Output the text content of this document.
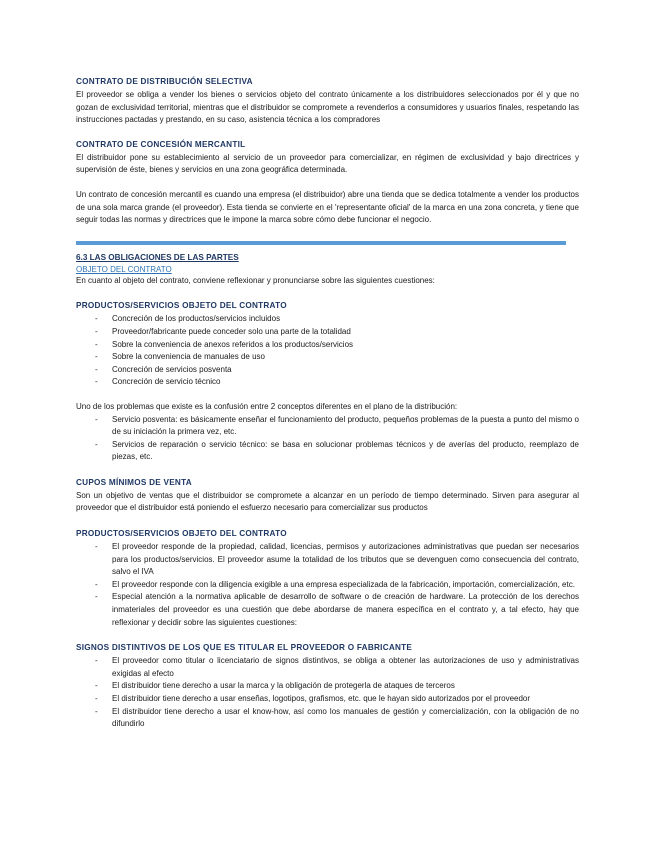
CONTRATO DE DISTRIBUCIÓN SELECTIVA

El proveedor se obliga a vender los bienes o servicios objeto del contrato únicamente a los distribuidores seleccionados por él y que no gozan de exclusividad territorial, mientras que el distribuidor se compromete a revenderlos a consumidores y usuarios finales, respetando las instrucciones pactadas y prestando, en su caso, asistencia técnica a los compradores

CONTRATO DE CONCESIÓN MERCANTIL

El distribuidor pone su establecimiento al servicio de un proveedor para comercializar, en régimen de exclusividad y bajo directrices y supervisión de éste, bienes y servicios en una zona geográfica determinada.

Un contrato de concesión mercantil es cuando una empresa (el distribuidor) abre una tienda que se dedica totalmente a vender los productos de una sola marca grande (el proveedor). Esta tienda se convierte en el 'representante oficial' de la marca en una zona concreta, y tiene que seguir todas las normas y directrices que le impone la marca sobre cómo debe funcionar el negocio.

6.3 LAS OBLIGACIONES DE LAS PARTES

OBJETO DEL CONTRATO

En cuanto al objeto del contrato, conviene reflexionar y pronunciarse sobre las siguientes cuestiones:

PRODUCTOS/SERVICIOS OBJETO DEL CONTRATO

- Concreción de los productos/servicios incluidos
- Proveedor/fabricante puede conceder solo una parte de la totalidad
- Sobre la conveniencia de anexos referidos a los productos/servicios
- Sobre la conveniencia de manuales de uso
- Concreción de servicios posventa
- Concreción de servicio técnico

Uno de los problemas que existe es la confusión entre 2 conceptos diferentes en el plano de la distribución:

- Servicio posventa: es básicamente enseñar el funcionamiento del producto, pequeños problemas de la puesta a punto del mismo o de su iniciación la primera vez, etc.
- Servicios de reparación o servicio técnico: se basa en solucionar problemas técnicos y de averías del producto, reemplazo de piezas, etc.

CUPOS MÍNIMOS DE VENTA

Son un objetivo de ventas que el distribuidor se compromete a alcanzar en un período de tiempo determinado. Sirven para asegurar al proveedor que el distribuidor está poniendo el esfuerzo necesario para comercializar sus productos

PRODUCTOS/SERVICIOS OBJETO DEL CONTRATO

- El proveedor responde de la propiedad, calidad, licencias, permisos y autorizaciones administrativas que puedan ser necesarios para los productos/servicios. El proveedor asume la totalidad de los tributos que se devenguen como consecuencia del contrato, salvo el IVA
- El proveedor responde con la diligencia exigible a una empresa especializada de la fabricación, importación, comercialización, etc.
- Especial atención a la normativa aplicable de desarrollo de software o de creación de hardware. La protección de los derechos inmateriales del proveedor es una cuestión que debe abordarse de manera específica en el contrato y, a tal efecto, hay que reflexionar y decidir sobre las siguientes cuestiones:

SIGNOS DISTINTIVOS DE LOS QUE ES TITULAR EL PROVEEDOR O FABRICANTE

- El proveedor como titular o licenciatario de signos distintivos, se obliga a obtener las autorizaciones de uso y administrativas exigidas al efecto
- El distribuidor tiene derecho a usar la marca y la obligación de protegerla de ataques de terceros
- El distribuidor tiene derecho a usar enseñas, logotipos, grafismos, etc. que le hayan sido autorizados por el proveedor
- El distribuidor tiene derecho a usar el know-how, así como los manuales de gestión y comercialización, con la obligación de no difundirlo
